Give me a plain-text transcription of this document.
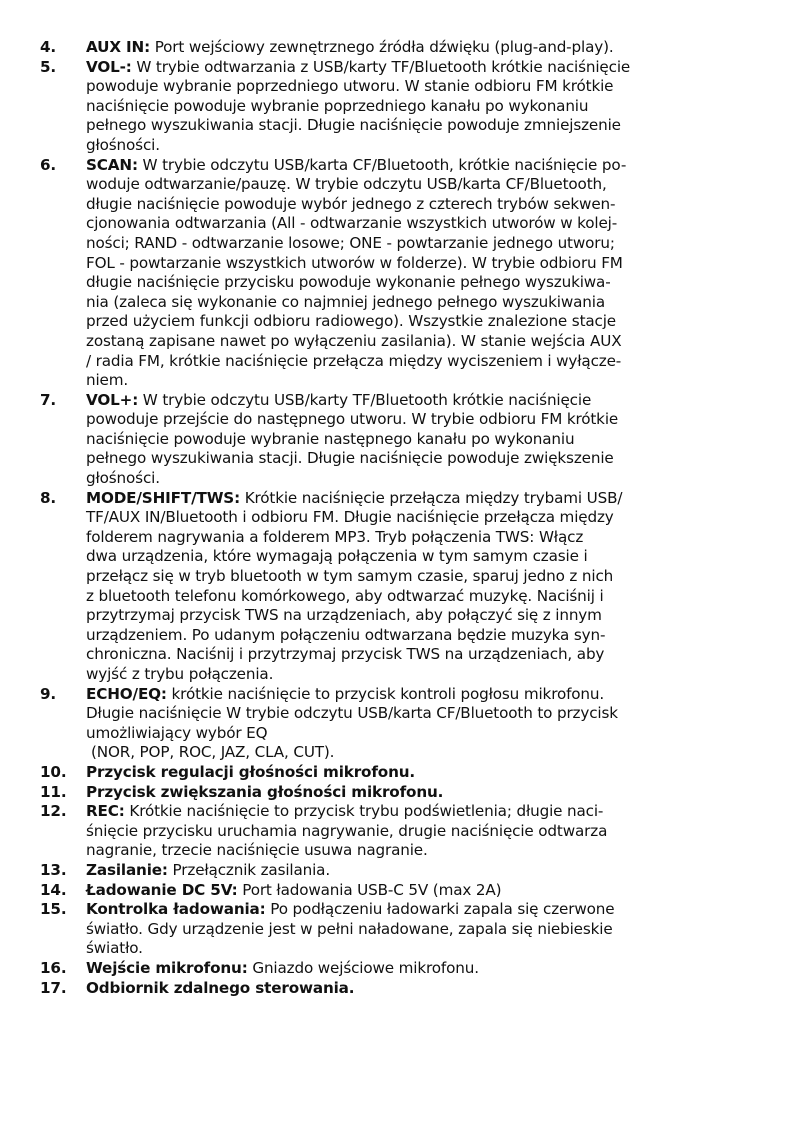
4.	AUX IN: Port wejściowy zewnętrznego źródła dźwięku (plug-and-play).
5.	VOL-: W trybie odtwarzania z USB/karty TF/Bluetooth krótkie naciśnięcie
powoduje wybranie poprzedniego utworu. W stanie odbioru FM krótkie
naciśnięcie powoduje wybranie poprzedniego kanału po wykonaniu
pełnego wyszukiwania stacji. Długie naciśnięcie powoduje zmniejszenie
głośności.
6.	SCAN: W trybie odczytu USB/karta CF/Bluetooth, krótkie naciśnięcie po-
woduje odtwarzanie/pauzę. W trybie odczytu USB/karta CF/Bluetooth,
długie naciśnięcie powoduje wybór jednego z czterech trybów sekwen-
cjonowania odtwarzania (All - odtwarzanie wszystkich utworów w kolej-
ności; RAND - odtwarzanie losowe; ONE - powtarzanie jednego utworu;
FOL - powtarzanie wszystkich utworów w folderze). W trybie odbioru FM
długie naciśnięcie przycisku powoduje wykonanie pełnego wyszukiwa-
nia (zaleca się wykonanie co najmniej jednego pełnego wyszukiwania
przed użyciem funkcji odbioru radiowego). Wszystkie znalezione stacje
zostaną zapisane nawet po wyłączeniu zasilania). W stanie wejścia AUX
/ radia FM, krótkie naciśnięcie przełącza między wyciszeniem i wyłącze-
niem.
7.	VOL+: W trybie odczytu USB/karty TF/Bluetooth krótkie naciśnięcie
powoduje przejście do następnego utworu. W trybie odbioru FM krótkie
naciśnięcie powoduje wybranie następnego kanału po wykonaniu
pełnego wyszukiwania stacji. Długie naciśnięcie powoduje zwiększenie
głośności.
8.	MODE/SHIFT/TWS: Krótkie naciśnięcie przełącza między trybami USB/
TF/AUX IN/Bluetooth i odbioru FM. Długie naciśnięcie przełącza między
folderem nagrywania a folderem MP3. Tryb połączenia TWS: Włącz
dwa urządzenia, które wymagają połączenia w tym samym czasie i
przełącz się w tryb bluetooth w tym samym czasie, sparuj jedno z nich
z bluetooth telefonu komórkowego, aby odtwarzać muzykę. Naciśnij i
przytrzymaj przycisk TWS na urządzeniach, aby połączyć się z innym
urządzeniem. Po udanym połączeniu odtwarzana będzie muzyka syn-
chroniczna. Naciśnij i przytrzymaj przycisk TWS na urządzeniach, aby
wyjść z trybu połączenia.
9.	ECHO/EQ: krótkie naciśnięcie to przycisk kontroli pogłosu mikrofonu.
Długie naciśnięcie W trybie odczytu USB/karta CF/Bluetooth to przycisk
umożliwiający wybór EQ
(NOR, POP, ROC, JAZ, CLA, CUT).
10.	Przycisk regulacji głośności mikrofonu.
11.	Przycisk zwiększania głośności mikrofonu.
12.	REC: Krótkie naciśnięcie to przycisk trybu podświetlenia; długie naci-
śnięcie przycisku uruchamia nagrywanie, drugie naciśnięcie odtwarza
nagranie, trzecie naciśnięcie usuwa nagranie.
13.	Zasilanie: Przełącznik zasilania.
14.	Ładowanie DC 5V: Port ładowania USB-C 5V (max 2A)
15.	Kontrolka ładowania: Po podłączeniu ładowarki zapala się czerwone
światło. Gdy urządzenie jest w pełni naładowane, zapala się niebieskie
światło.
16.	Wejście mikrofonu: Gniazdo wejściowe mikrofonu.
17.	Odbiornik zdalnego sterowania.
